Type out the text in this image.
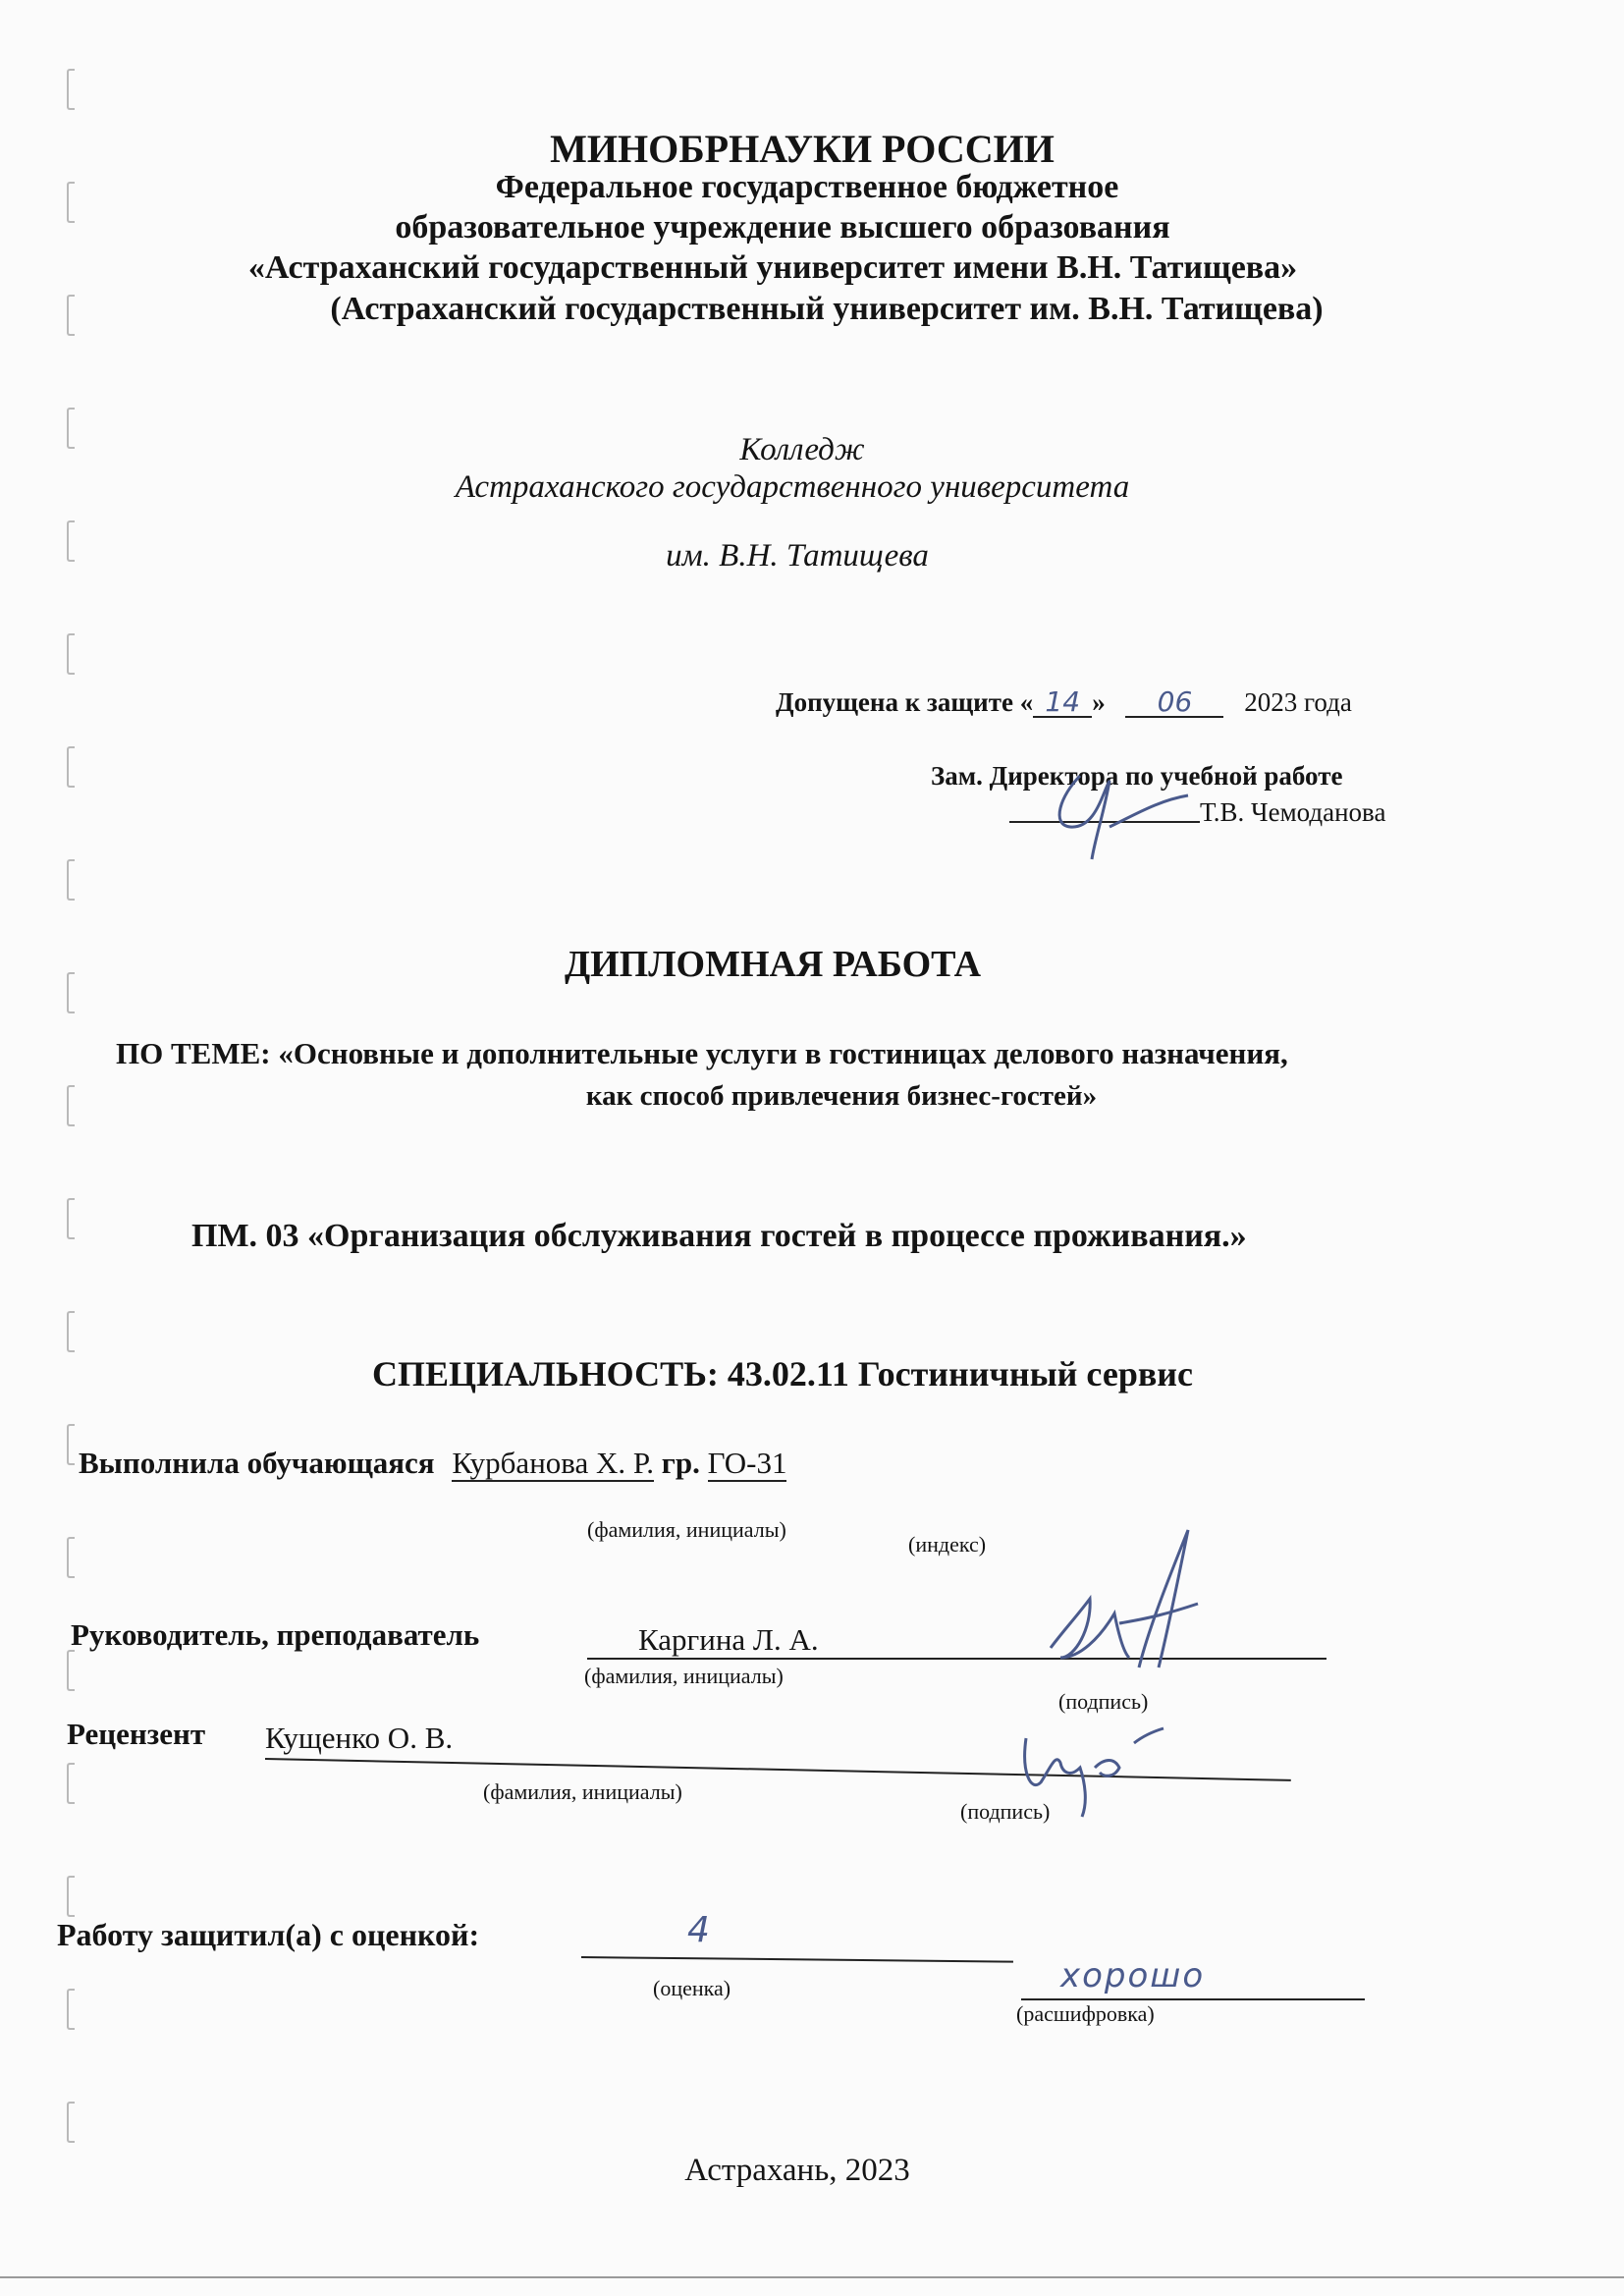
МИНОБРНАУКИ РОССИИ
Федеральное государственное бюджетное
образовательное учреждение высшего образования
«Астраханский государственный университет имени В.Н. Татищева»
(Астраханский государственный университет им. В.Н. Татищева)
Колледж
Астраханского государственного университета
им. В.Н. Татищева
Допущена к защите « 14 » 06 2023 года
Зам. Директора по учебной работе
Т.В. Чемоданова
ДИПЛОМНАЯ РАБОТА
ПО ТЕМЕ: «Основные и дополнительные услуги в гостиницах делового назначения,
как способ привлечения бизнес-гостей»
ПМ. 03 «Организация обслуживания гостей в процессе проживания.»
СПЕЦИАЛЬНОСТЬ: 43.02.11 Гостиничный сервис
Выполнила обучающаяся Курбанова Х. Р. гр. ГО-31
(фамилия, инициалы)
(индекс)
Руководитель, преподаватель	Каргина Л. А.
(фамилия, инициалы)
(подпись)
Рецензент Кущенко О. В.
(фамилия, инициалы)
(подпись)
Работу защитил(а) с оценкой:	4
(оценка)	хорошо
(расшифровка)
Астрахань, 2023
